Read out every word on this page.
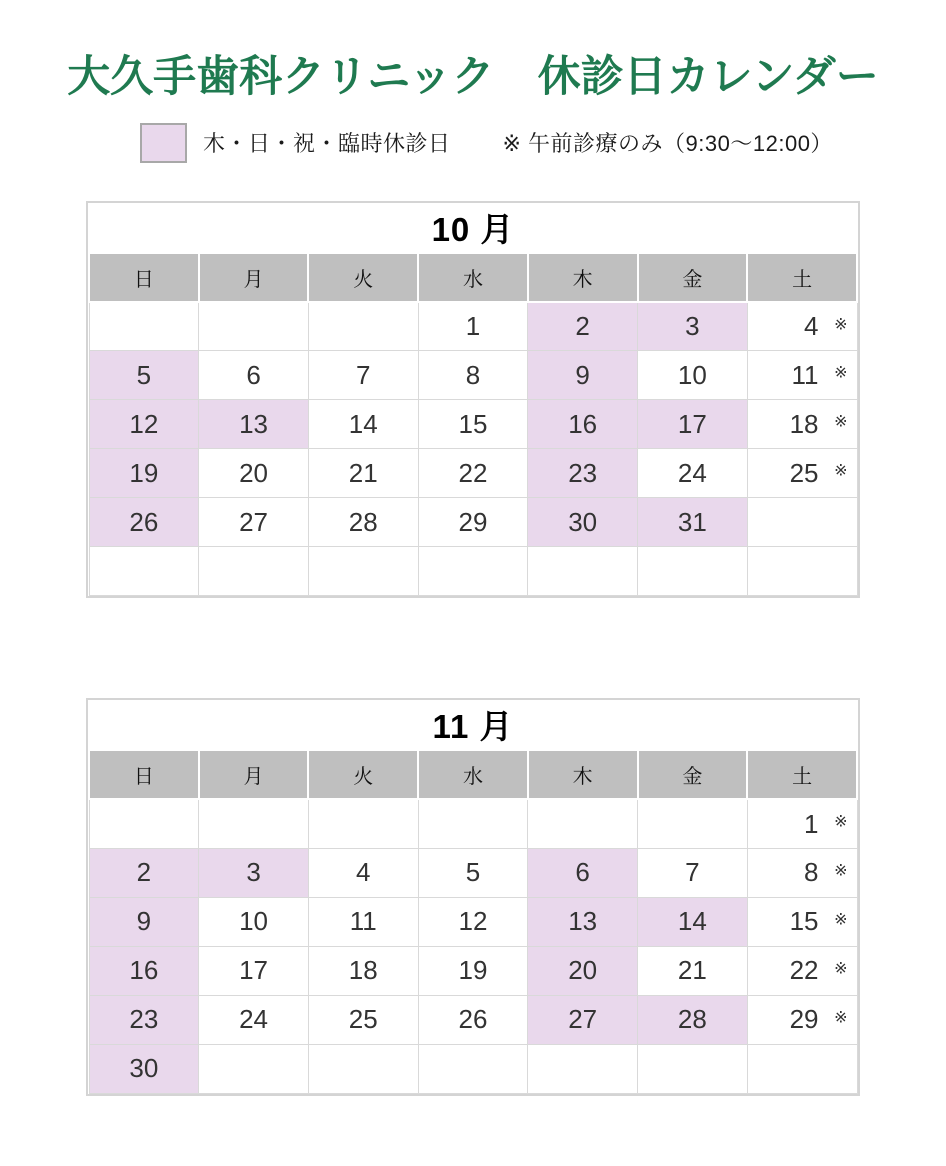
大久手歯科クリニック　休診日カレンダー
木・日・祝・臨時休診日 ※ 午前診療のみ（9:30～12:00）
10 月						
日	月	火	水	木	金	土
			1	2	3	4 ※

5	6	7	8	9	10	11 ※

12	13	14	15	16	17	18 ※

19	20	21	22	23	24	25 ※

26	27	28	29	30	31	

11 月						
日	月	火	水	木	金	土
						1 ※

2	3	4	5	6	7	8 ※

9	10	11	12	13	14	15 ※

16	17	18	19	20	21	22 ※

23	24	25	26	27	28	29 ※

30						
